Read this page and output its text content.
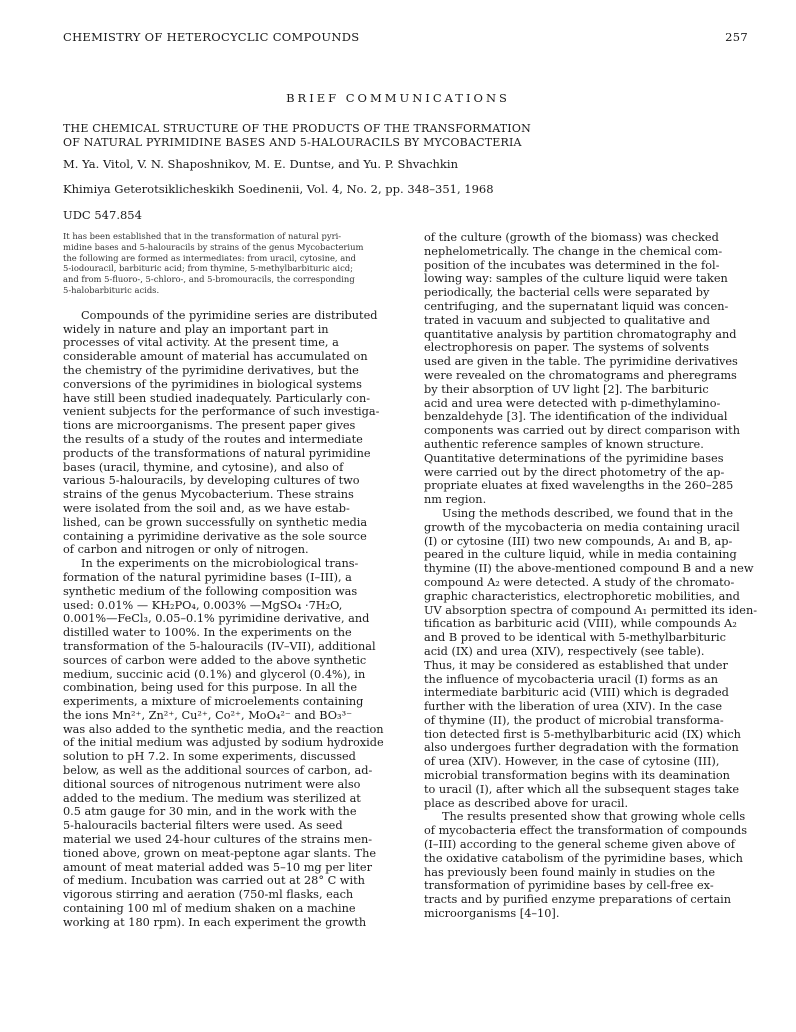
CHEMISTRY OF HETEROCYCLIC COMPOUNDS	257
BRIEF COMMUNICATIONS
THE CHEMICAL STRUCTURE OF THE PRODUCTS OF THE TRANSFORMATION
OF NATURAL PYRIMIDINE BASES AND 5-HALOURACILS BY MYCOBACTERIA
M. Ya. Vitol, V. N. Shaposhnikov, M. E. Duntse, and Yu. P. Shvachkin
Khimiya Geterotsiklicheskikh Soedinenii, Vol. 4, No. 2, pp. 348–351, 1968
UDC 547.854
It has been established that in the transformation of natural pyri-
midine bases and 5-halouracils by strains of the genus Mycobacterium
the following are formed as intermediates: from uracil, cytosine, and
5-iodouracil, barbituric acid; from thymine, 5-methylbarbituric aicd;
and from 5-fluoro-, 5-chloro-, and 5-bromouracils, the corresponding
5-halobarbituric acids.
Compounds of the pyrimidine series are distributed
widely in nature and play an important part in
processes of vital activity. At the present time, a
considerable amount of material has accumulated on
the chemistry of the pyrimidine derivatives, but the
conversions of the pyrimidines in biological systems
have still been studied inadequately. Particularly con-
venient subjects for the performance of such investiga-
tions are microorganisms. The present paper gives
the results of a study of the routes and intermediate
products of the transformations of natural pyrimidine
bases (uracil, thymine, and cytosine), and also of
various 5-halouracils, by developing cultures of two
strains of the genus Mycobacterium. These strains
were isolated from the soil and, as we have estab-
lished, can be grown successfully on synthetic media
containing a pyrimidine derivative as the sole source
of carbon and nitrogen or only of nitrogen.
In the experiments on the microbiological trans-
formation of the natural pyrimidine bases (I–III), a
synthetic medium of the following composition was
used: 0.01% — KH₂PO₄, 0.003% —MgSO₄ ·7H₂O,
0.001%—FeCl₃, 0.05–0.1% pyrimidine derivative, and
distilled water to 100%. In the experiments on the
transformation of the 5-halouracils (IV–VII), additional
sources of carbon were added to the above synthetic
medium, succinic acid (0.1%) and glycerol (0.4%), in
combination, being used for this purpose. In all the
experiments, a mixture of microelements containing
the ions Mn²⁺, Zn²⁺, Cu²⁺, Co²⁺, MoO₄²⁻ and BO₃³⁻
was also added to the synthetic media, and the reaction
of the initial medium was adjusted by sodium hydroxide
solution to pH 7.2. In some experiments, discussed
below, as well as the additional sources of carbon, ad-
ditional sources of nitrogenous nutriment were also
added to the medium. The medium was sterilized at
0.5 atm gauge for 30 min, and in the work with the
5-halouracils bacterial filters were used. As seed
material we used 24-hour cultures of the strains men-
tioned above, grown on meat-peptone agar slants. The
amount of meat material added was 5–10 mg per liter
of medium. Incubation was carried out at 28° C with
vigorous stirring and aeration (750-ml flasks, each
containing 100 ml of medium shaken on a machine
working at 180 rpm). In each experiment the growth
of the culture (growth of the biomass) was checked
nephelometrically. The change in the chemical com-
position of the incubates was determined in the fol-
lowing way: samples of the culture liquid were taken
periodically, the bacterial cells were separated by
centrifuging, and the supernatant liquid was concen-
trated in vacuum and subjected to qualitative and
quantitative analysis by partition chromatography and
electrophoresis on paper. The systems of solvents
used are given in the table. The pyrimidine derivatives
were revealed on the chromatograms and pheregrams
by their absorption of UV light [2]. The barbituric
acid and urea were detected with p-dimethylamino-
benzaldehyde [3]. The identification of the individual
components was carried out by direct comparison with
authentic reference samples of known structure.
Quantitative determinations of the pyrimidine bases
were carried out by the direct photometry of the ap-
propriate eluates at fixed wavelengths in the 260–285
nm region.
Using the methods described, we found that in the
growth of the mycobacteria on media containing uracil
(I) or cytosine (III) two new compounds, A₁ and B, ap-
peared in the culture liquid, while in media containing
thymine (II) the above-mentioned compound B and a new
compound A₂ were detected. A study of the chromato-
graphic characteristics, electrophoretic mobilities, and
UV absorption spectra of compound A₁ permitted its iden-
tification as barbituric acid (VIII), while compounds A₂
and B proved to be identical with 5-methylbarbituric
acid (IX) and urea (XIV), respectively (see table).
Thus, it may be considered as established that under
the influence of mycobacteria uracil (I) forms as an
intermediate barbituric acid (VIII) which is degraded
further with the liberation of urea (XIV). In the case
of thymine (II), the product of microbial transforma-
tion detected first is 5-methylbarbituric acid (IX) which
also undergoes further degradation with the formation
of urea (XIV). However, in the case of cytosine (III),
microbial transformation begins with its deamination
to uracil (I), after which all the subsequent stages take
place as described above for uracil.
The results presented show that growing whole cells
of mycobacteria effect the transformation of compounds
(I–III) according to the general scheme given above of
the oxidative catabolism of the pyrimidine bases, which
has previously been found mainly in studies on the
transformation of pyrimidine bases by cell-free ex-
tracts and by purified enzyme preparations of certain
microorganisms [4–10].
